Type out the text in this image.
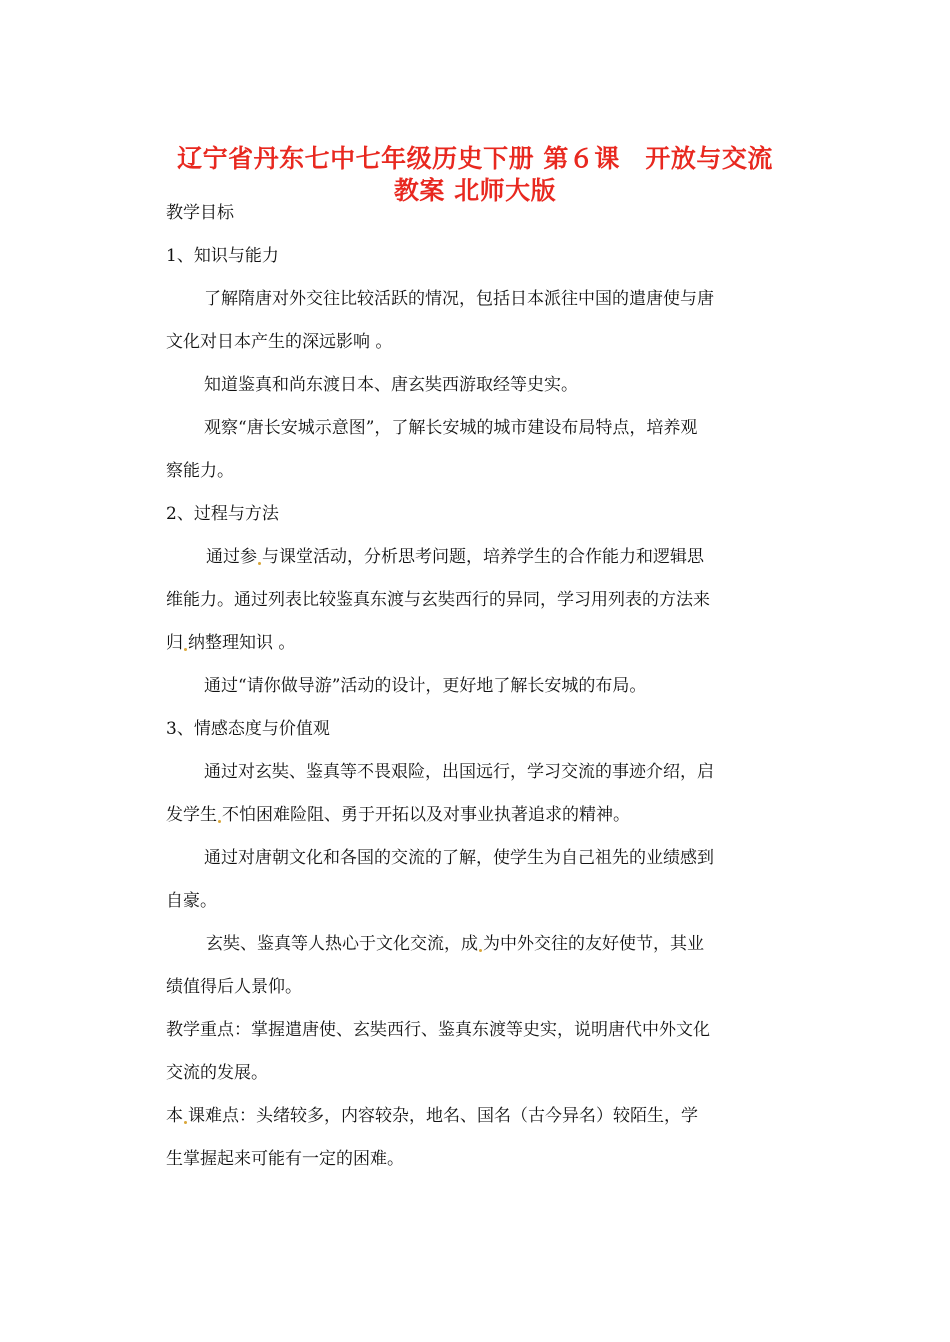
辽宁省丹东七中七年级历史下册 第６课　开放与交流
教案 北师大版
教学目标
1、知识与能力
了解隋唐对外交往比较活跃的情况，包括日本派往中国的遣唐使与唐
文化对日本产生的深远影响 。
知道鉴真和尚东渡日本、唐玄奘西游取经等史实。
观察“唐长安城示意图”，了解长安城的城市建设布局特点，培养观
察能力。
2、过程与方法
通过参 与课堂活动，分析思考问题，培养学生的合作能力和逻辑思
维能力。通过列表比较鉴真东渡与玄奘西行的异同，学习用列表的方法来
归 纳整理知识 。
通过“请你做导游”活动的设计，更好地了解长安城的布局。
3、情感态度与价值观
通过对玄奘、鉴真等不畏艰险，出国远行，学习交流的事迹介绍，启
发学生 不怕困难险阻、勇于开拓以及对事业执著追求的精神。
通过对唐朝文化和各国的交流的了解，使学生为自己祖先的业绩感到
自豪。
玄奘、鉴真等人热心于文化交流，成 为中外交往的友好使节，其业
绩值得后人景仰。
教学重点：掌握遣唐使、玄奘西行、鉴真东渡等史实，说明唐代中外文化
交流的发展。
本 课难点：头绪较多，内容较杂，地名、国名（古今异名）较陌生，学
生掌握起来可能有一定的困难。
